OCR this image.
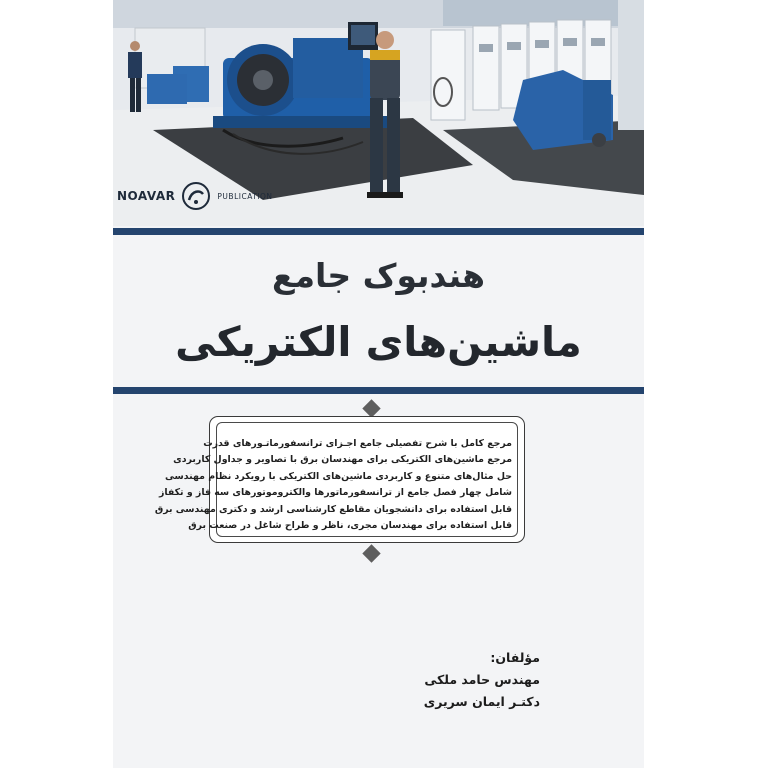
NOAVAR	PUBLICATION
هندبوک جامع
ماشین‌های الکتریکی
مرجع کامل با شرح تفصیلی جامع اجـزای ترانسفورماتـورهای قدرت
مرجع ماشین‌های الکتریکی برای مهندسان برق با تصاویر و جداول کاربردی
حل مثال‌های متنوع و کاربردی ماشین‌های الکتریکی با رویکرد نظام مهندسی
شامل چهار فصل جامع از ترانسفورماتورها والکتروموتورهای سه فاز و تکفاز
قابل استفاده برای دانشجویان مقاطع کارشناسی ارشد و دکتری مهندسی برق
قابل استفاده برای مهندسان مجری، ناظر و طراح شاغل در صنعت برق
مؤلفان:
مهندس حامد ملکی
دکتـر ایمان سریری
